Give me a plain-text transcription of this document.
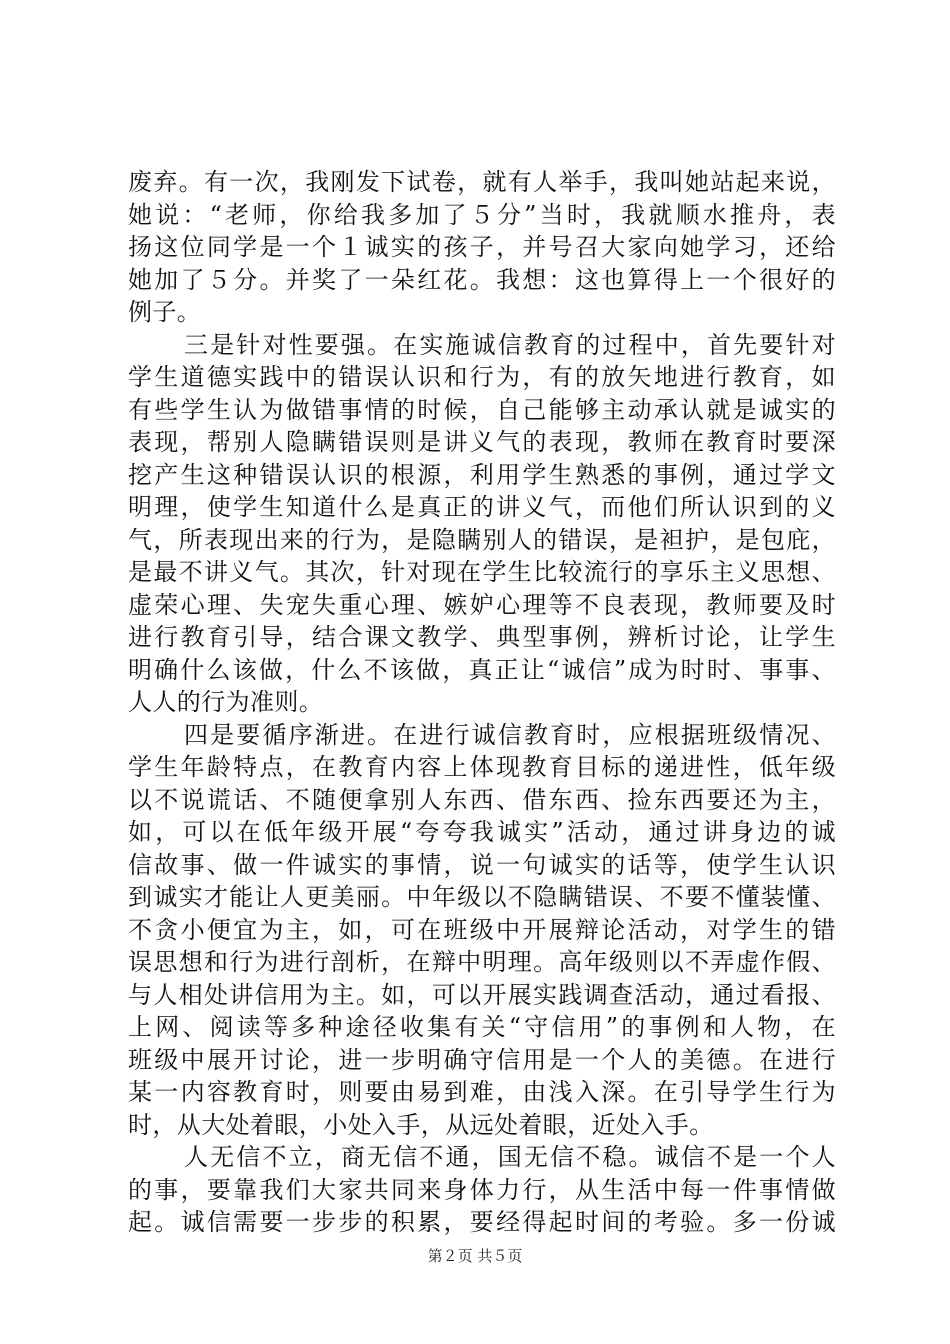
废弃。有一次，我刚发下试卷，就有人举手，我叫她站起来说，
她说：“老师，你给我多加了５分”当时，我就顺水推舟，表
扬这位同学是一个１诚实的孩子，并号召大家向她学习，还给
她加了５分。并奖了一朵红花。我想：这也算得上一个很好的
例子。
三是针对性要强。在实施诚信教育的过程中，首先要针对
学生道德实践中的错误认识和行为，有的放矢地进行教育，如
有些学生认为做错事情的时候，自己能够主动承认就是诚实的
表现，帮别人隐瞒错误则是讲义气的表现，教师在教育时要深
挖产生这种错误认识的根源，利用学生熟悉的事例，通过学文
明理，使学生知道什么是真正的讲义气，而他们所认识到的义
气，所表现出来的行为，是隐瞒别人的错误，是袒护，是包庇，
是最不讲义气。其次，针对现在学生比较流行的享乐主义思想、
虚荣心理、失宠失重心理、嫉妒心理等不良表现，教师要及时
进行教育引导，结合课文教学、典型事例，辨析讨论，让学生
明确什么该做，什么不该做，真正让“诚信”成为时时、事事、
人人的行为准则。
四是要循序渐进。在进行诚信教育时，应根据班级情况、
学生年龄特点，在教育内容上体现教育目标的递进性，低年级
以不说谎话、不随便拿别人东西、借东西、捡东西要还为主，
如，可以在低年级开展“夸夸我诚实”活动，通过讲身边的诚
信故事、做一件诚实的事情，说一句诚实的话等，使学生认识
到诚实才能让人更美丽。中年级以不隐瞒错误、不要不懂装懂、
不贪小便宜为主，如，可在班级中开展辩论活动，对学生的错
误思想和行为进行剖析，在辩中明理。高年级则以不弄虚作假、
与人相处讲信用为主。如，可以开展实践调查活动，通过看报、
上网、阅读等多种途径收集有关“守信用”的事例和人物，在
班级中展开讨论，进一步明确守信用是一个人的美德。在进行
某一内容教育时，则要由易到难，由浅入深。在引导学生行为
时，从大处着眼，小处入手，从远处着眼，近处入手。
人无信不立，商无信不通，国无信不稳。诚信不是一个人
的事，要靠我们大家共同来身体力行，从生活中每一件事情做
起。诚信需要一步步的积累，要经得起时间的考验。多一份诚
第２页 共５页
